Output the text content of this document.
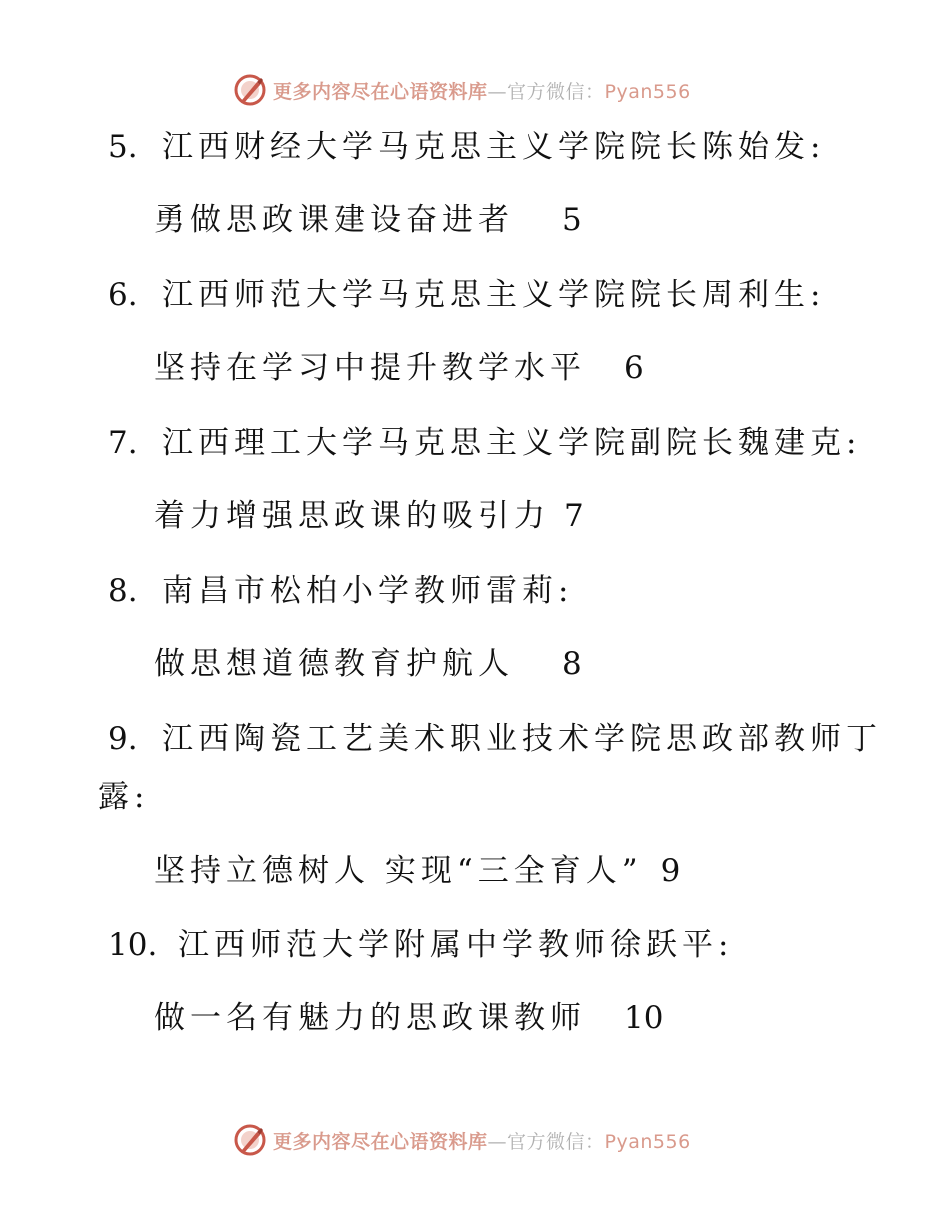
更多内容尽在心语资料库—官方微信：Pyan556
5. 江西财经大学马克思主义学院院长陈始发:
勇做思政课建设奋进者 5
6. 江西师范大学马克思主义学院院长周利生:
坚持在学习中提升教学水平 6
7. 江西理工大学马克思主义学院副院长魏建克:
着力增强思政课的吸引力 7
8. 南昌市松柏小学教师雷莉:
做思想道德教育护航人 8
9. 江西陶瓷工艺美术职业技术学院思政部教师丁
露:
坚持立德树人 实现“三全育人” 9
10. 江西师范大学附属中学教师徐跃平:
做一名有魅力的思政课教师 10
更多内容尽在心语资料库—官方微信：Pyan556
